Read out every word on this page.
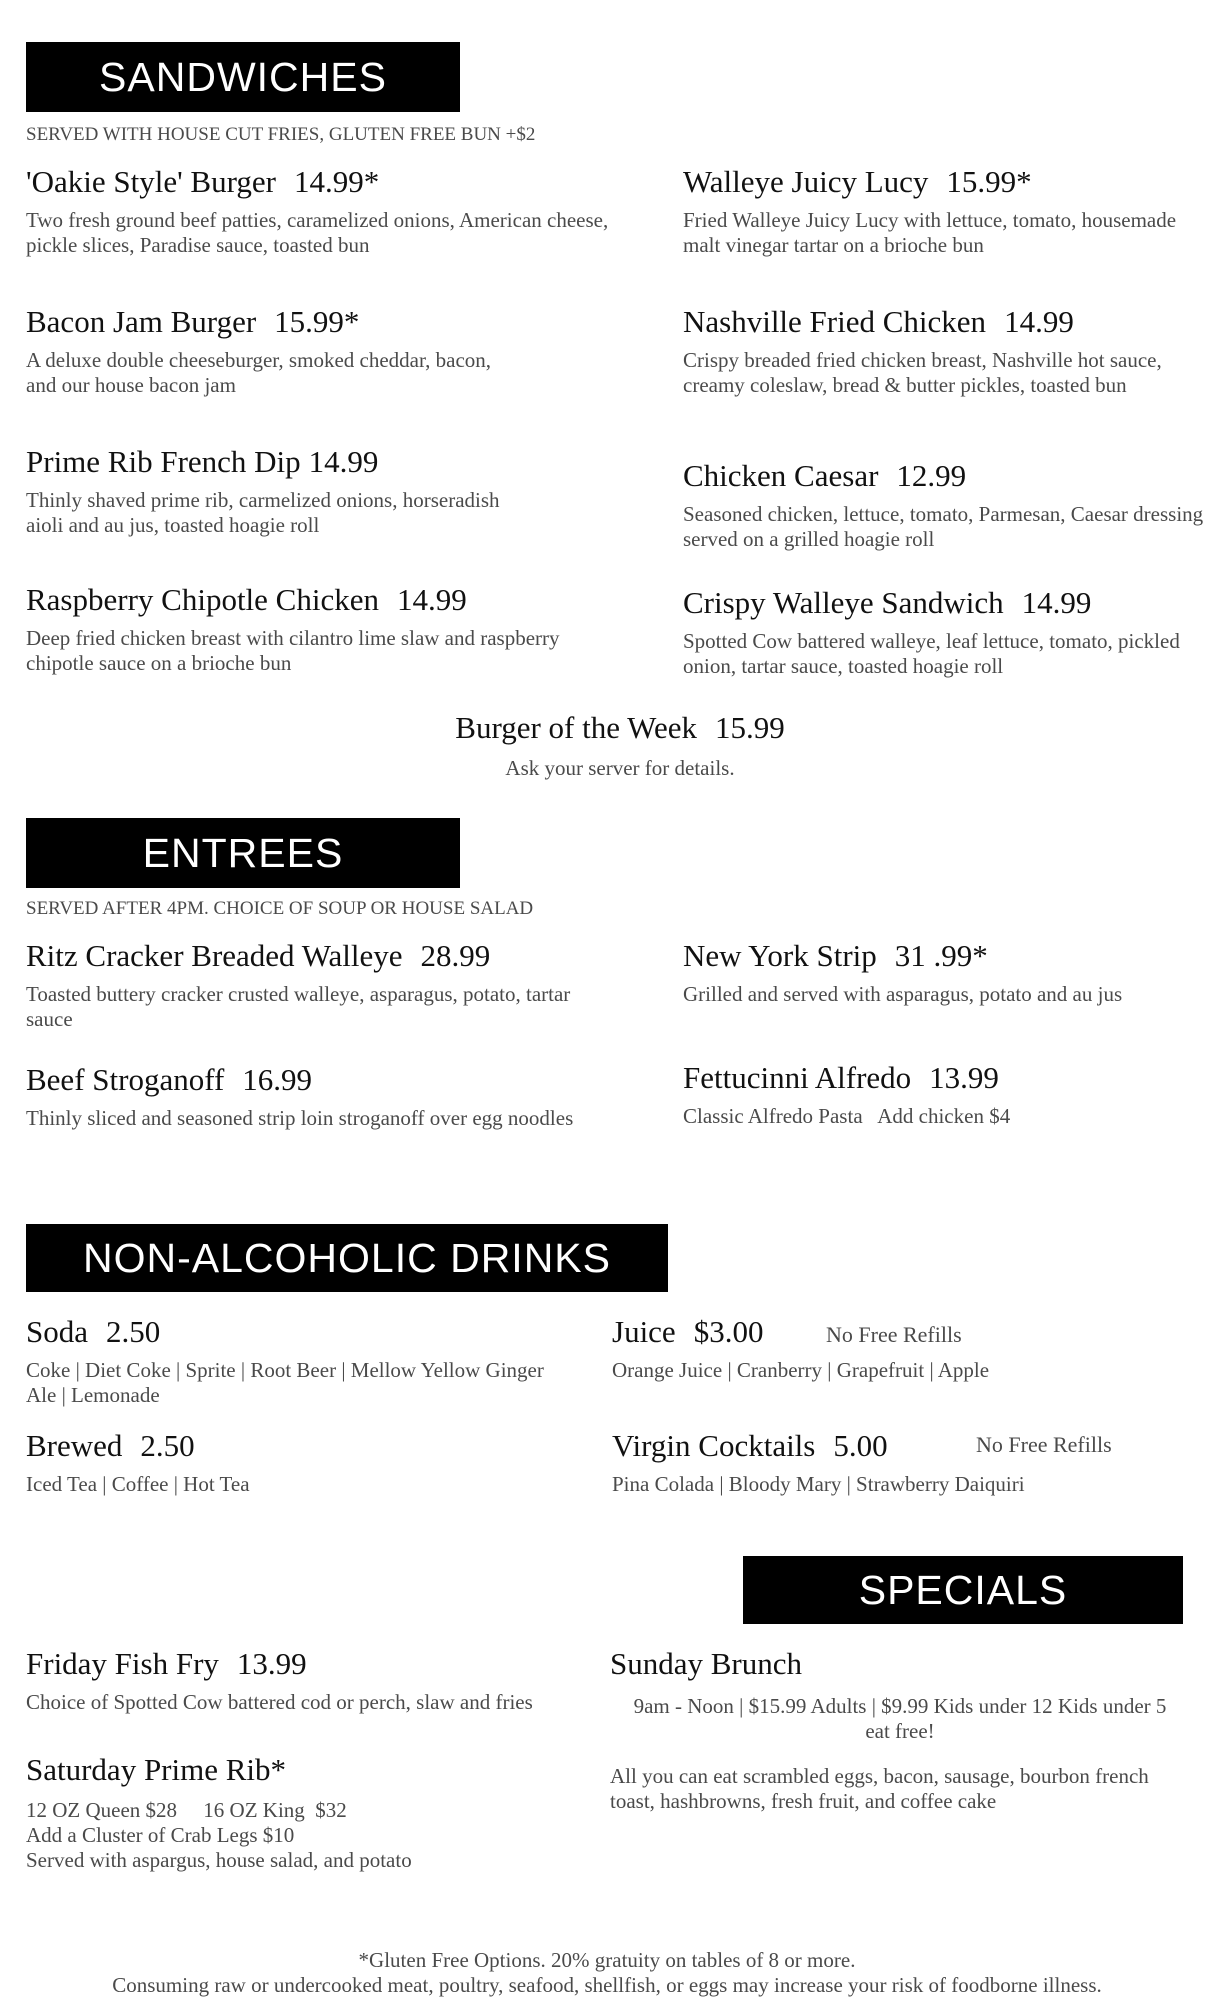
SANDWICHES
SERVED WITH HOUSE CUT FRIES, GLUTEN FREE BUN +$2
'Oakie Style' Burger 14.99*
Two fresh ground beef patties, caramelized onions, American cheese, pickle slices, Paradise sauce, toasted bun
Walleye Juicy Lucy 15.99*
Fried Walleye Juicy Lucy with lettuce, tomato, housemade malt vinegar tartar on a brioche bun
Bacon Jam Burger 15.99*
A deluxe double cheeseburger, smoked cheddar, bacon, and our house bacon jam
Nashville Fried Chicken 14.99
Crispy breaded fried chicken breast, Nashville hot sauce, creamy coleslaw, bread & butter pickles, toasted bun
Prime Rib French Dip 14.99
Thinly shaved prime rib, carmelized onions, horseradish aioli and au jus, toasted hoagie roll
Chicken Caesar 12.99
Seasoned chicken, lettuce, tomato, Parmesan, Caesar dressing served on a grilled hoagie roll
Raspberry Chipotle Chicken 14.99
Deep fried chicken breast with cilantro lime slaw and raspberry chipotle sauce on a brioche bun
Crispy Walleye Sandwich 14.99
Spotted Cow battered walleye, leaf lettuce, tomato, pickled onion, tartar sauce, toasted hoagie roll
Burger of the Week 15.99
Ask your server for details.
ENTREES
SERVED AFTER 4PM. CHOICE OF SOUP OR HOUSE SALAD
Ritz Cracker Breaded Walleye 28.99
Toasted buttery cracker crusted walleye, asparagus, potato, tartar sauce
New York Strip 31 .99*
Grilled and served with asparagus, potato and au jus
Beef Stroganoff 16.99
Thinly sliced and seasoned strip loin stroganoff over egg noodles
Fettucinni Alfredo 13.99
Classic Alfredo Pasta   Add chicken $4
NON-ALCOHOLIC DRINKS
Soda 2.50
Coke | Diet Coke | Sprite | Root Beer | Mellow Yellow Ginger Ale | Lemonade
Juice $3.00
Orange Juice | Cranberry | Grapefruit | Apple
No Free Refills
Brewed 2.50
Iced Tea | Coffee | Hot Tea
Virgin Cocktails 5.00
Pina Colada | Bloody Mary | Strawberry Daiquiri
No Free Refills
SPECIALS
Friday Fish Fry 13.99
Choice of Spotted Cow battered cod or perch, slaw and fries
Saturday Prime Rib*
12 OZ Queen $28     16 OZ King  $32
Add a Cluster of Crab Legs $10
Served with aspargus, house salad, and potato
Sunday Brunch
9am - Noon | $15.99 Adults | $9.99 Kids under 12 Kids under 5 eat free!
All you can eat scrambled eggs, bacon, sausage, bourbon french toast, hashbrowns, fresh fruit, and coffee cake
*Gluten Free Options. 20% gratuity on tables of 8 or more.
Consuming raw or undercooked meat, poultry, seafood, shellfish, or eggs may increase your risk of foodborne illness.
